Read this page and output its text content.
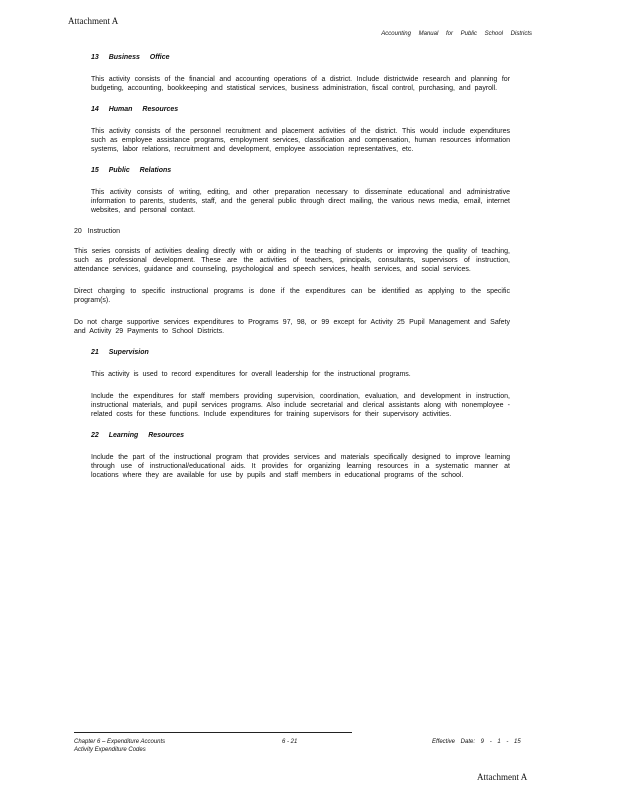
Attachment A
Accounting Manual for Public School Districts
13 Business Office

This activity consists of the financial and accounting operations of a district. Include districtwide research and planning for budgeting, accounting, bookkeeping and statistical services, business administration, fiscal control, purchasing, and payroll.

14 Human Resources

This activity consists of the personnel recruitment and placement activities of the district. This would include expenditures such as employee assistance programs, employment services, classification and compensation, human resources information systems, labor relations, recruitment and development, employee association representatives, etc.

15 Public Relations

This activity consists of writing, editing, and other preparation necessary to disseminate educational and administrative information to parents, students, staff, and the general public through direct mailing, the various news media, email, internet websites, and personal contact.

20 Instruction

This series consists of activities dealing directly with or aiding in the teaching of students or improving the quality of teaching, such as professional development. These are the activities of teachers, principals, consultants, supervisors of instruction, attendance services, guidance and counseling, psychological and speech services, health services, and social services.

Direct charging to specific instructional programs is done if the expenditures can be identified as applying to the specific program(s).

Do not charge supportive services expenditures to Programs 97, 98, or 99 except for Activity 25 Pupil Management and Safety and Activity 29 Payments to School Districts.

21 Supervision

This activity is used to record expenditures for overall leadership for the instructional programs.

Include the expenditures for staff members providing supervision, coordination, evaluation, and development in instruction, instructional materials, and pupil services programs. Also include secretarial and clerical assistants along with nonemployee -related costs for these functions. Include expenditures for training supervisors for their supervisory activities.

22 Learning Resources

Include the part of the instructional program that provides services and materials specifically designed to improve learning through use of instructional/educational aids. It provides for organizing learning resources in a systematic manner at locations where they are available for use by pupils and staff members in educational programs of the school.

Chapter 6 – Expenditure Accounts
Activity Expenditure Codes
6 - 21	Effective Date: 9 - 1 - 15
Attachment A
